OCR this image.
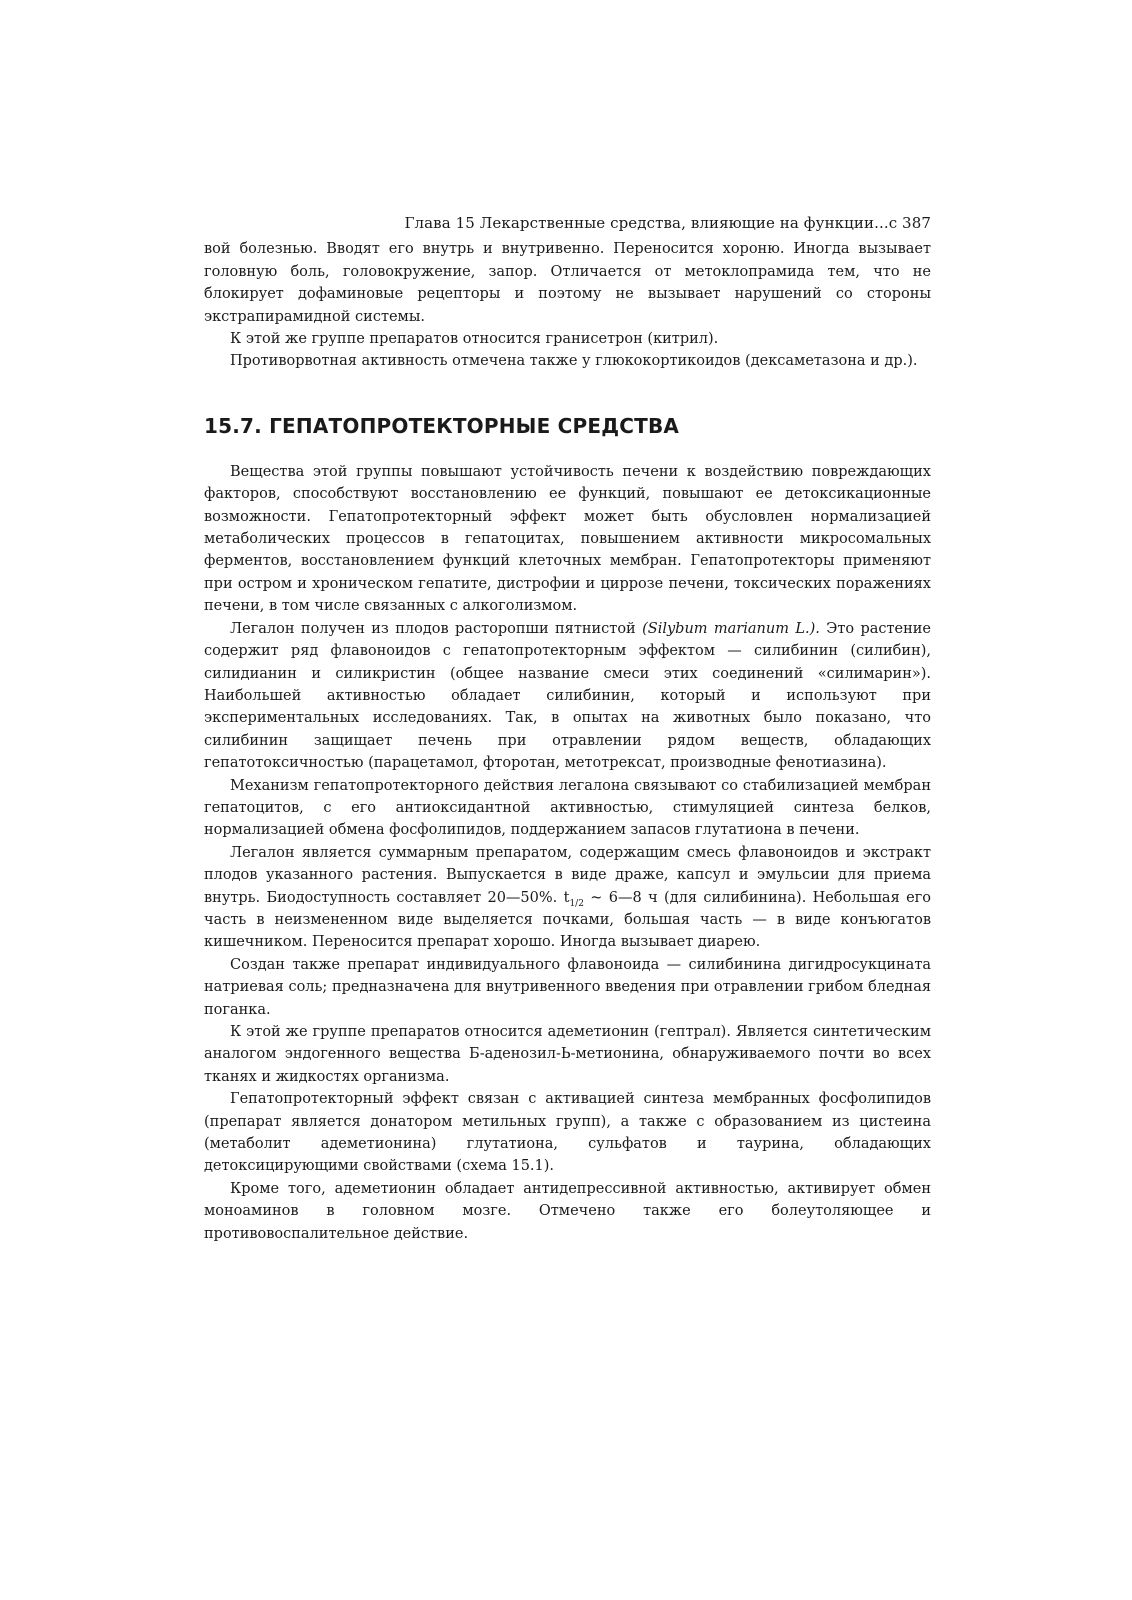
Глава 15 Лекарственные средства, влияющие на функции...с 387

вой болезнью. Вводят его внутрь и внутривенно. Переносится хороню. Иногда вызывает головную боль, головокружение, запор. Отличается от метоклопрамида тем, что не блокирует дофаминовые рецепторы и поэтому не вызывает нарушений со стороны экстрапирамидной системы.

К этой же группе препаратов относится гранисетрон (китрил).

Противорвотная активность отмечена также у глюкокортикоидов (дексаметазона и др.).

15.7. ГЕПАТОПРОТЕКТОРНЫЕ СРЕДСТВА

Вещества этой группы повышают устойчивость печени к воздействию повреждающих факторов, способствуют восстановлению ее функций, повышают ее детоксикационные возможности. Гепатопротекторный эффект может быть обусловлен нормализацией метаболических процессов в гепатоцитах, повышением активности микросомальных ферментов, восстановлением функций клеточных мембран. Гепатопротекторы применяют при остром и хроническом гепатите, дистрофии и циррозе печени, токсических поражениях печени, в том числе связанных с алкоголизмом.

Легалон получен из плодов расторопши пятнистой (Silybum marianum L.). Это растение содержит ряд флавоноидов с гепатопротекторным эффектом — силибинин (силибин), силидианин и силикристин (общее название смеси этих соединений «силимарин»). Наибольшей активностью обладает силибинин, который и используют при экспериментальных исследованиях. Так, в опытах на животных было показано, что силибинин защищает печень при отравлении рядом веществ, обладающих гепатотоксичностью (парацетамол, фторотан, метотрексат, производные фенотиазина).

Механизм гепатопротекторного действия легалона связывают со стабилизацией мембран гепатоцитов, с его антиоксидантной активностью, стимуляцией синтеза белков, нормализацией обмена фосфолипидов, поддержанием запасов глутатиона в печени.

Легалон является суммарным препаратом, содержащим смесь флавоноидов и экстракт плодов указанного растения. Выпускается в виде драже, капсул и эмульсии для приема внутрь. Биодоступность составляет 20—50%. $t_{1/2}$ ~ 6—8 ч (для силибинина). Небольшая его часть в неизмененном виде выделяется почками, большая часть — в виде конъюгатов кишечником. Переносится препарат хорошо. Иногда вызывает диарею.

Создан также препарат индивидуального флавоноида — силибинина дигидросукцината натриевая соль; предназначена для внутривенного введения при отравлении грибом бледная поганка.

К этой же группе препаратов относится адеметионин (гептрал). Является синтетическим аналогом эндогенного вещества Б-аденозил-Ь-метионина, обнаруживаемого почти во всех тканях и жидкостях организма.

Гепатопротекторный эффект связан с активацией синтеза мембранных фосфолипидов (препарат является донатором метильных групп), а также с образованием из цистеина (метаболит адеметионина) глутатиона, сульфатов и таурина, обладающих детоксицирующими свойствами (схема 15.1).

Кроме того, адеметионин обладает антидепрессивной активностью, активирует обмен моноаминов в головном мозге. Отмечено также его болеутоляющее и противовоспалительное действие.
